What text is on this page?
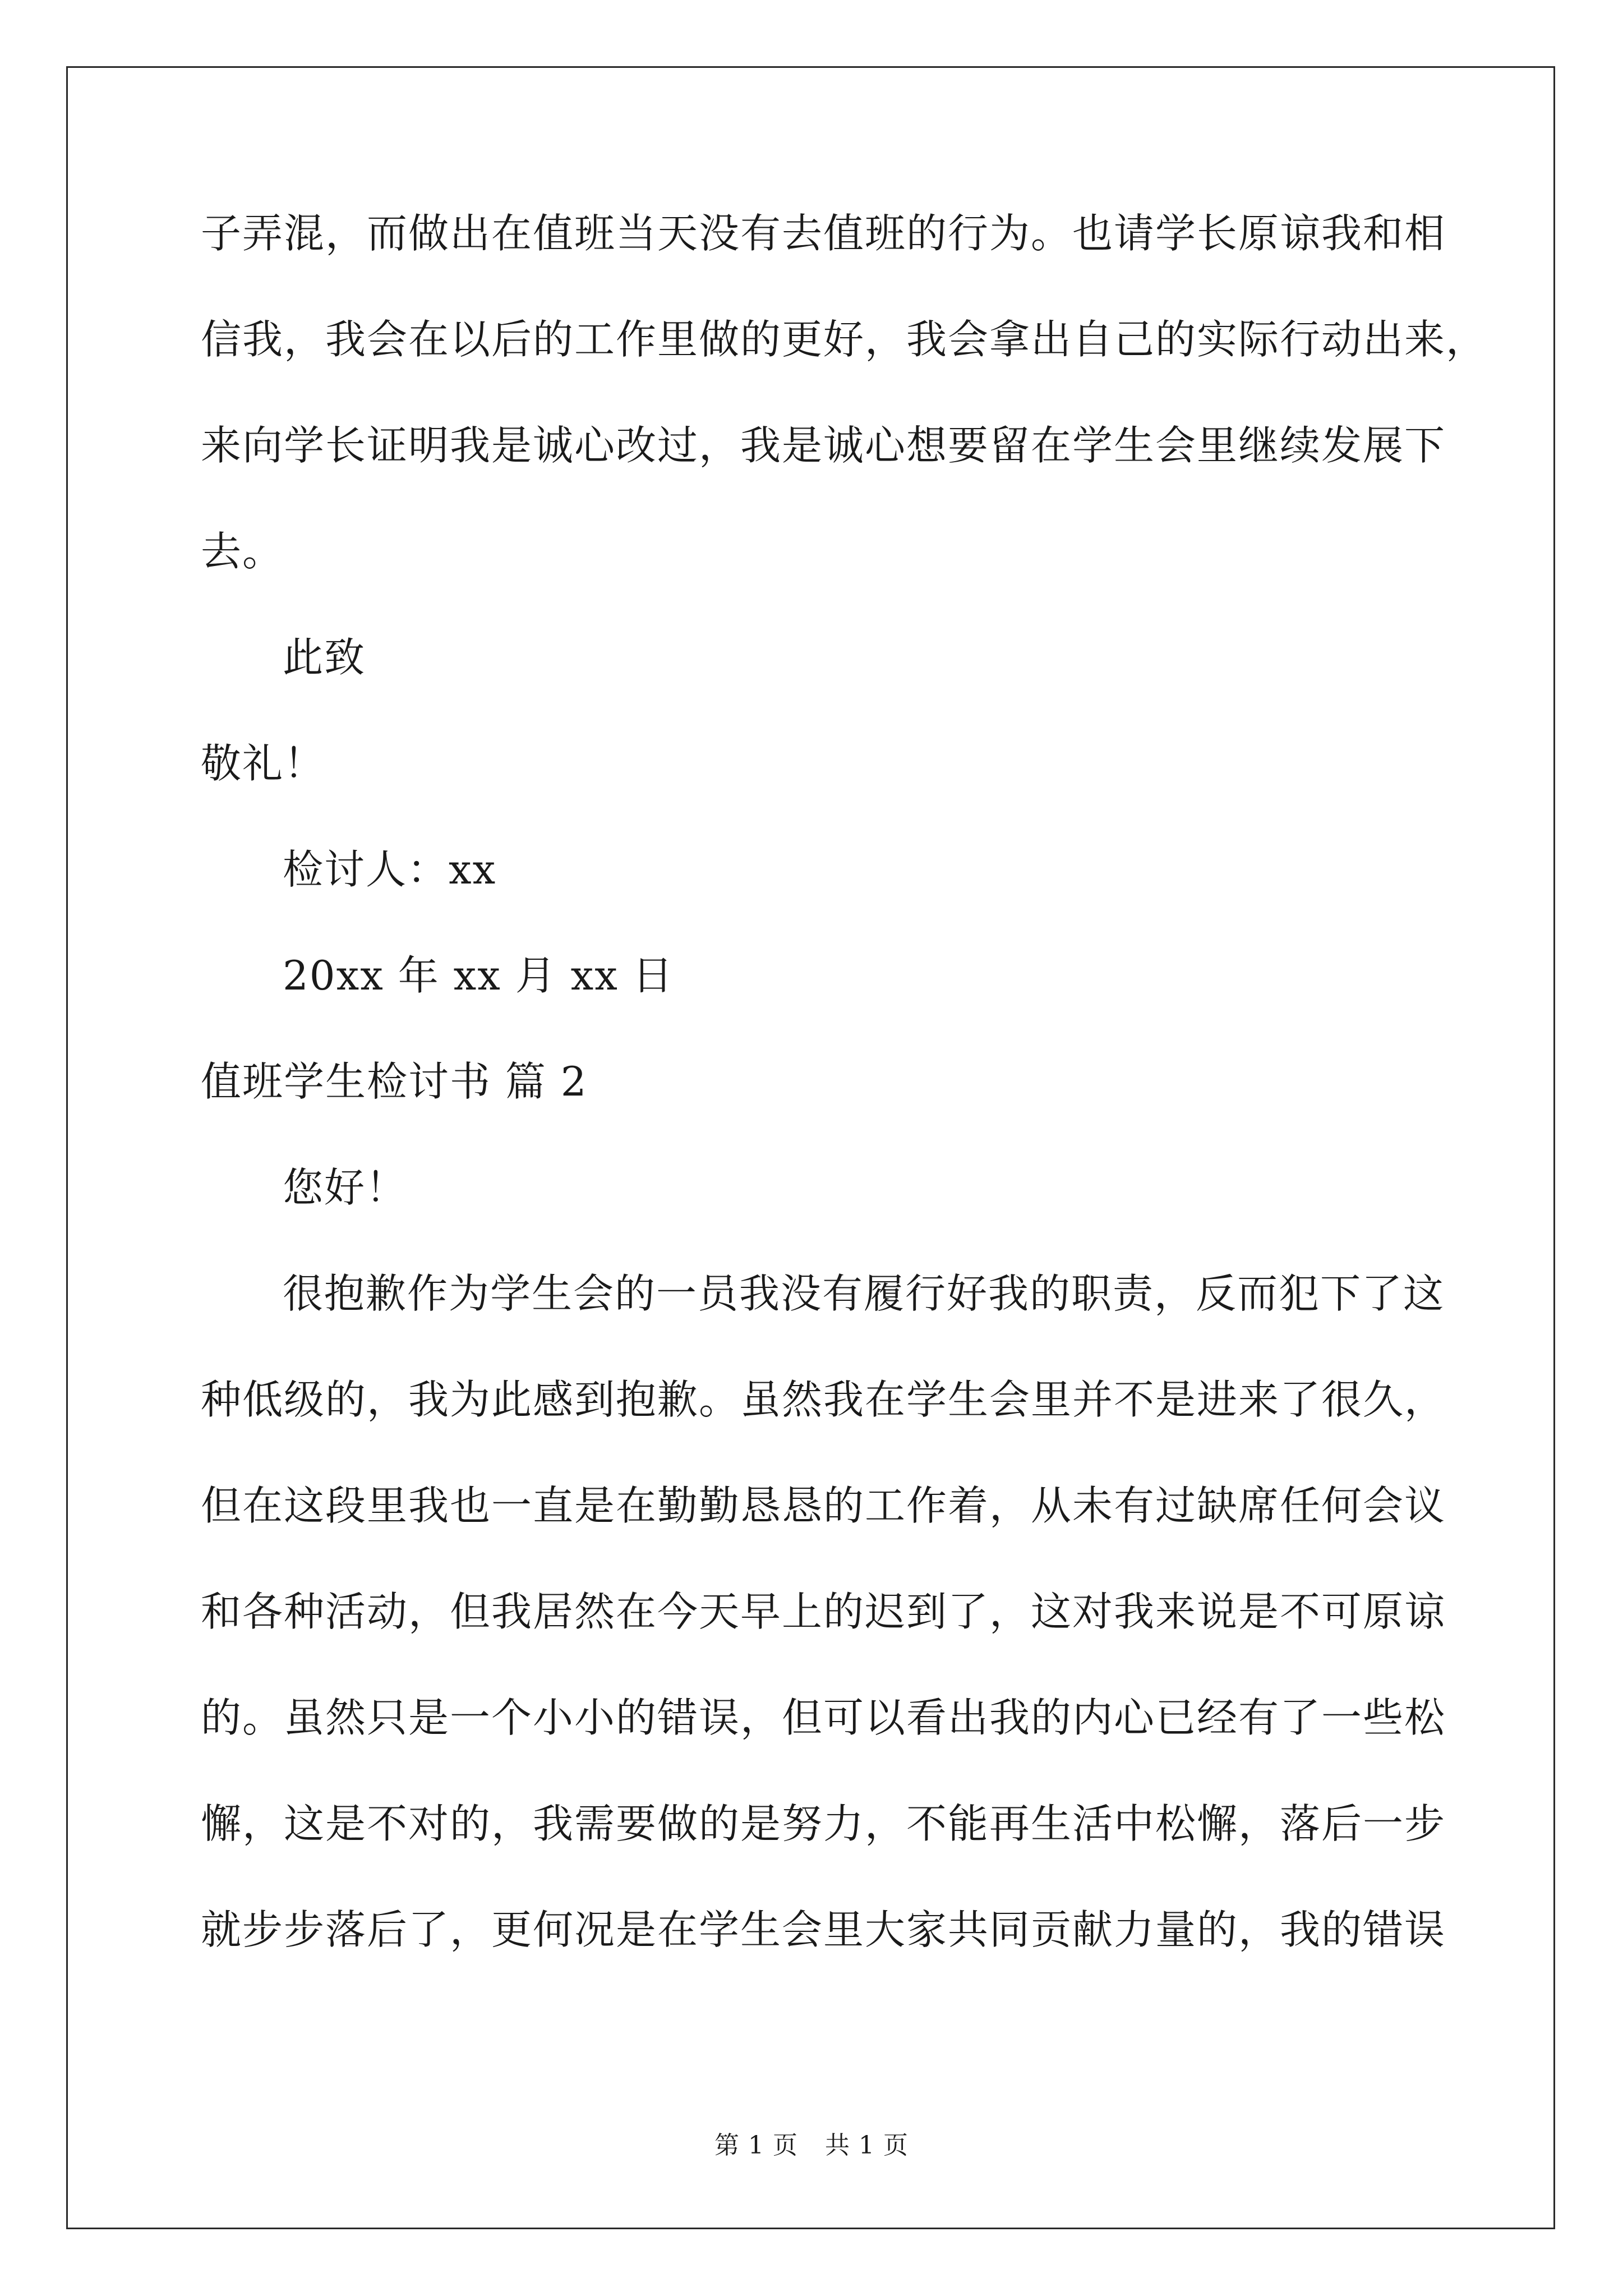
子弄混，而做出在值班当天没有去值班的行为。也请学长原谅我和相
信我，我会在以后的工作里做的更好，我会拿出自己的实际行动出来，
来向学长证明我是诚心改过，我是诚心想要留在学生会里继续发展下
去。
此致
敬礼！
检讨人：xx
20xx 年 xx 月 xx 日
值班学生检讨书 篇 2
您好！
很抱歉作为学生会的一员我没有履行好我的职责，反而犯下了这
种低级的，我为此感到抱歉。虽然我在学生会里并不是进来了很久，
但在这段里我也一直是在勤勤恳恳的工作着，从未有过缺席任何会议
和各种活动，但我居然在今天早上的迟到了，这对我来说是不可原谅
的。虽然只是一个小小的错误，但可以看出我的内心已经有了一些松
懈，这是不对的，我需要做的是努力，不能再生活中松懈，落后一步
就步步落后了，更何况是在学生会里大家共同贡献力量的，我的错误
第 1 页 共 1 页
